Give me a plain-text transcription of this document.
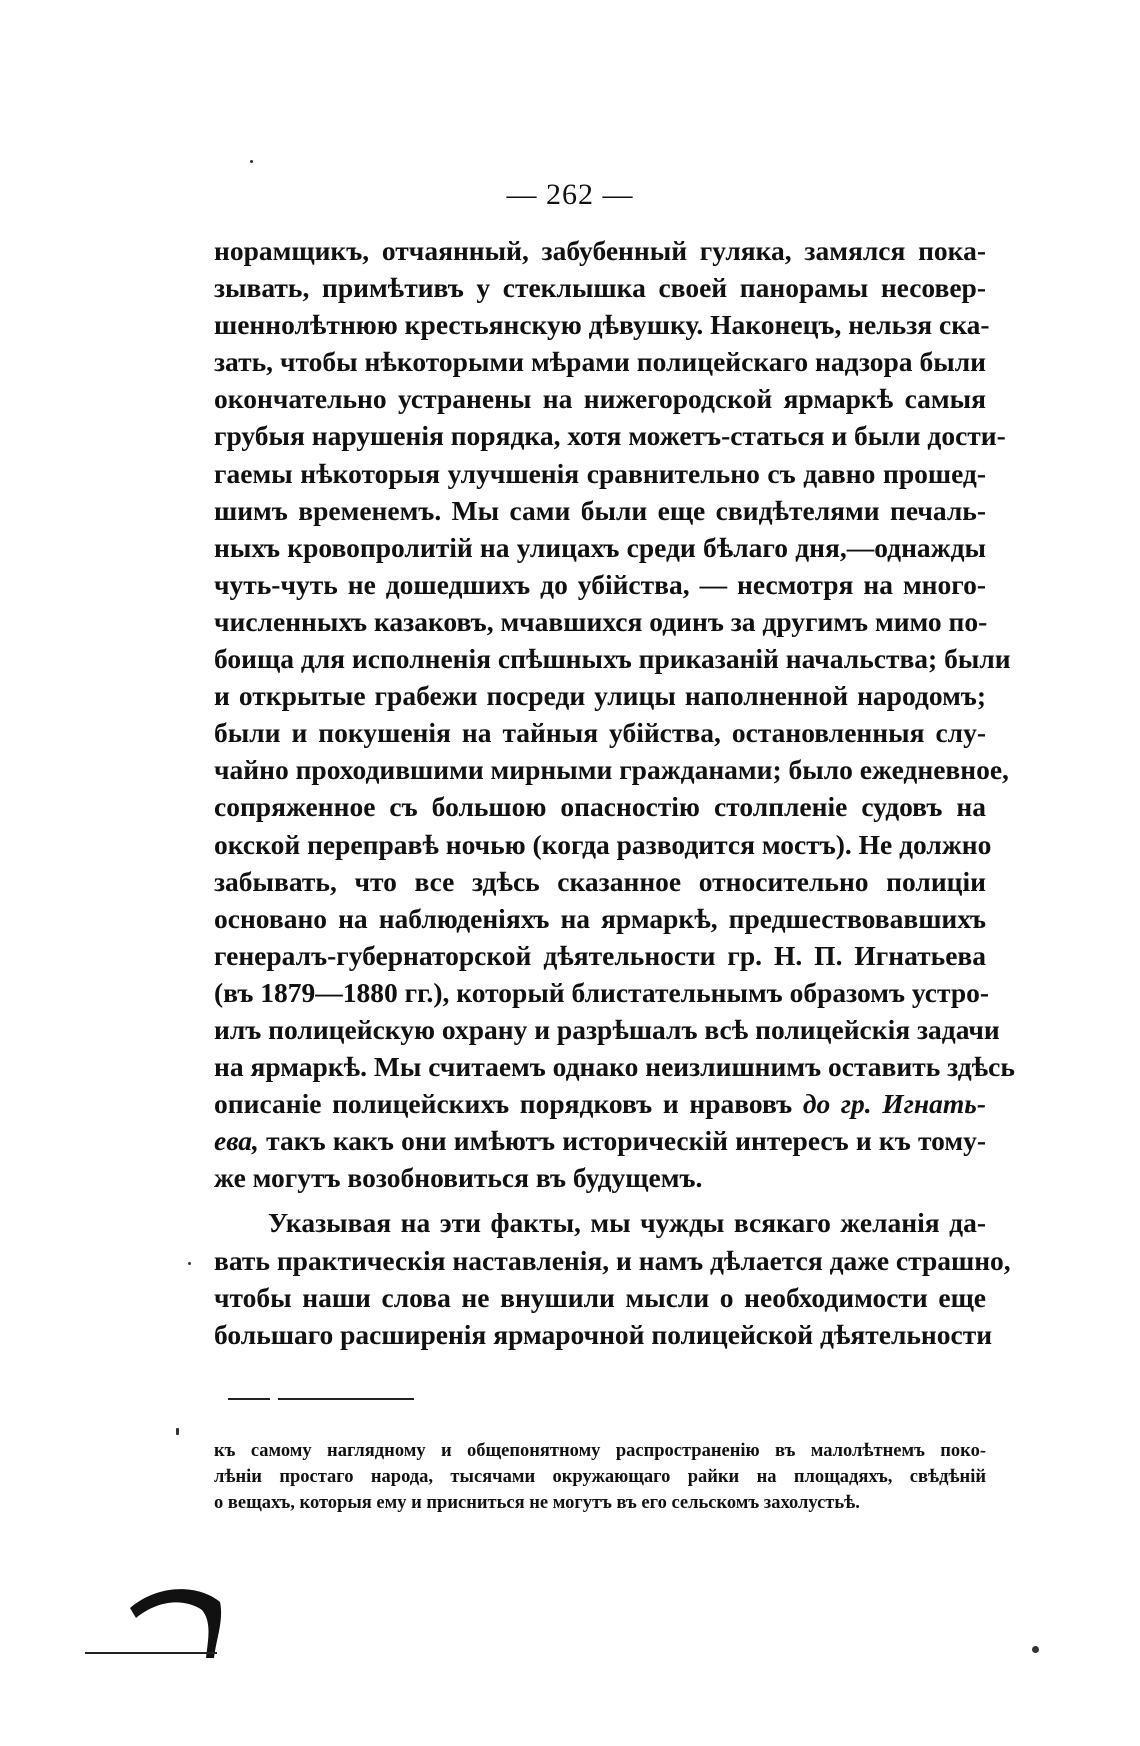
— 262 —
норамщикъ, отчаянный, забубенный гуляка, замялся пока-
зывать, примѣтивъ у стеклышка своей панорамы несовер-
шеннолѣтнюю крестьянскую дѣвушку. Наконецъ, нельзя ска-
зать, чтобы нѣкоторыми мѣрами полицейскаго надзора были
окончательно устранены на нижегородской ярмаркѣ самыя
грубыя нарушенія порядка, хотя можетъ-статься и были дости-
гаемы нѣкоторыя улучшенія сравнительно съ давно прошед-
шимъ временемъ. Мы сами были еще свидѣтелями печаль-
ныхъ кровопролитій на улицахъ среди бѣлаго дня,—однажды
чуть-чуть не дошедшихъ до убійства, — несмотря на много-
численныхъ казаковъ, мчавшихся одинъ за другимъ мимо по-
боища для исполненія спѣшныхъ приказаній начальства; были
и открытые грабежи посреди улицы наполненной народомъ;
были и покушенія на тайныя убійства, остановленныя слу-
чайно проходившими мирными гражданами; было ежедневное,
сопряженное съ большою опасностію столпленіе судовъ на
окской переправѣ ночью (когда разводится мостъ). Не должно
забывать, что все здѣсь сказанное относительно полиціи
основано на наблюденіяхъ на ярмаркѣ, предшествовавшихъ
генералъ-губернаторской дѣятельности гр. Н. П. Игнатьева
(въ 1879—1880 гг.), который блистательнымъ образомъ устро-
илъ полицейскую охрану и разрѣшалъ всѣ полицейскія задачи
на ярмаркѣ. Мы считаемъ однако неизлишнимъ оставить здѣсь
описаніе полицейскихъ порядковъ и нравовъ до гр. Игнать-
ева, такъ какъ они имѣютъ историческій интересъ и къ тому-
же могутъ возобновиться въ будущемъ.
Указывая на эти факты, мы чужды всякаго желанія да-
вать практическія наставленія, и намъ дѣлается даже страшно,
чтобы наши слова не внушили мысли о необходимости еще
большаго расширенія ярмарочной полицейской дѣятельности
къ самому наглядному и общепонятному распространенію въ малолѣтнемъ поко-
лѣніи простаго народа, тысячами окружающаго райки на площадяхъ, свѣдѣній
о вещахъ, которыя ему и присниться не могутъ въ его сельскомъ захолустьѣ.
